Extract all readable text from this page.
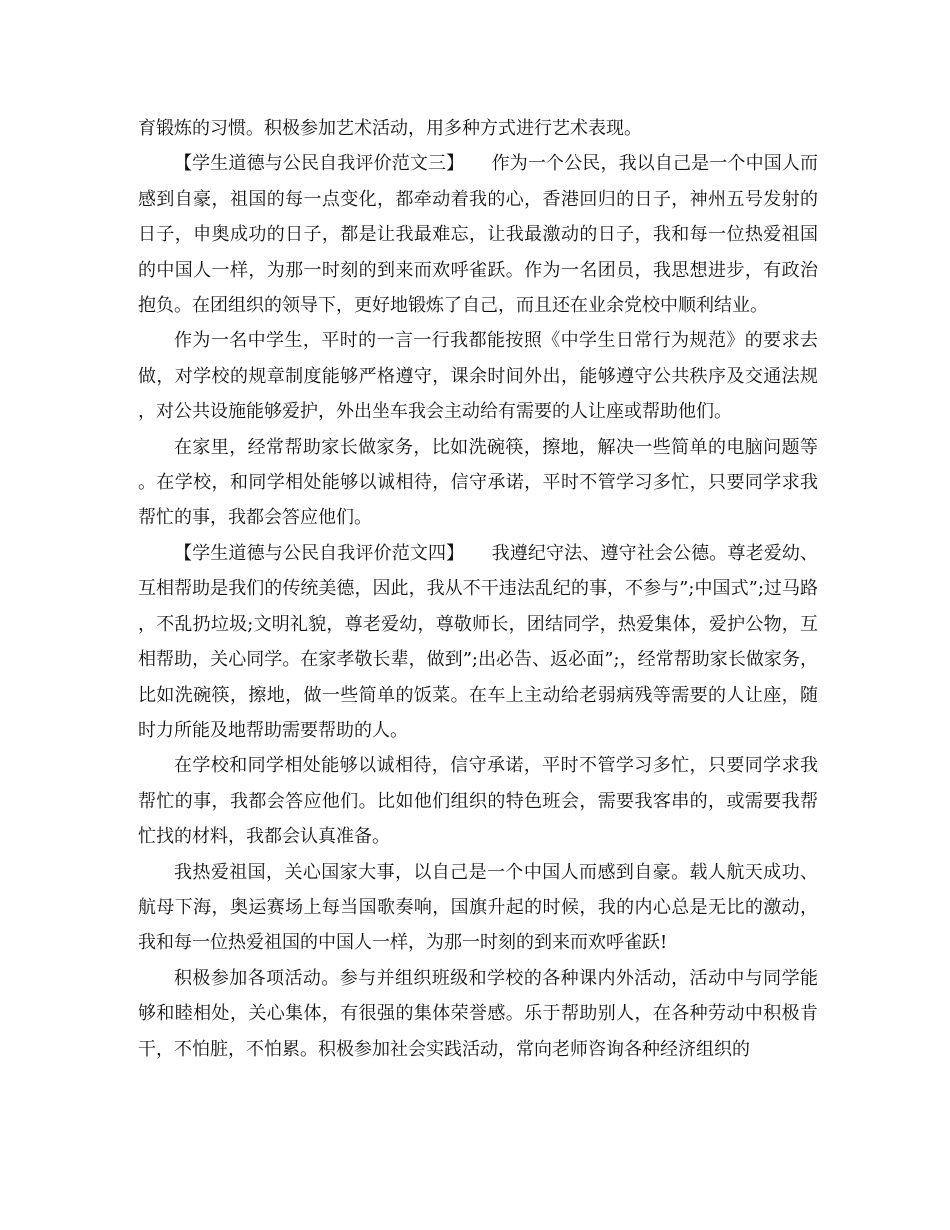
育锻炼的习惯。积极参加艺术活动，用多种方式进行艺术表现。

【学生道德与公民自我评价范文三】　　 作为一个公民，我以自己是一个中国人而感到自豪，祖国的每一点变化，都牵动着我的心，香港回归的日子，神州五号发射的日子，申奥成功的日子，都是让我最难忘，让我最激动的日子，我和每一位热爱祖国的中国人一样，为那一时刻的到来而欢呼雀跃。作为一名团员，我思想进步，有政治抱负。在团组织的领导下，更好地锻炼了自己，而且还在业余党校中顺利结业。

作为一名中学生，平时的一言一行我都能按照《中学生日常行为规范》的要求去做，对学校的规章制度能够严格遵守，课余时间外出，能够遵守公共秩序及交通法规，对公共设施能够爱护，外出坐车我会主动给有需要的人让座或帮助他们。

在家里，经常帮助家长做家务，比如洗碗筷，擦地，解决一些简单的电脑问题等。在学校，和同学相处能够以诚相待，信守承诺，平时不管学习多忙，只要同学求我帮忙的事，我都会答应他们。

【学生道德与公民自我评价范文四】　　 我遵纪守法、遵守社会公德。尊老爱幼、互相帮助是我们的传统美德，因此，我从不干违法乱纪的事，不参与”;中国式”;过马路，不乱扔垃圾;文明礼貌，尊老爱幼，尊敬师长，团结同学，热爱集体，爱护公物，互相帮助，关心同学。在家孝敬长辈，做到”;出必告、返必面”;，经常帮助家长做家务，比如洗碗筷，擦地，做一些简单的饭菜。在车上主动给老弱病残等需要的人让座，随时力所能及地帮助需要帮助的人。

在学校和同学相处能够以诚相待，信守承诺，平时不管学习多忙，只要同学求我帮忙的事，我都会答应他们。比如他们组织的特色班会，需要我客串的，或需要我帮忙找的材料，我都会认真准备。

我热爱祖国，关心国家大事，以自己是一个中国人而感到自豪。载人航天成功、航母下海，奥运赛场上每当国歌奏响，国旗升起的时候，我的内心总是无比的激动，我和每一位热爱祖国的中国人一样，为那一时刻的到来而欢呼雀跃!

积极参加各项活动。参与并组织班级和学校的各种课内外活动，活动中与同学能够和睦相处，关心集体，有很强的集体荣誉感。乐于帮助别人，在各种劳动中积极肯干，不怕脏，不怕累。积极参加社会实践活动，常向老师咨询各种经济组织的
